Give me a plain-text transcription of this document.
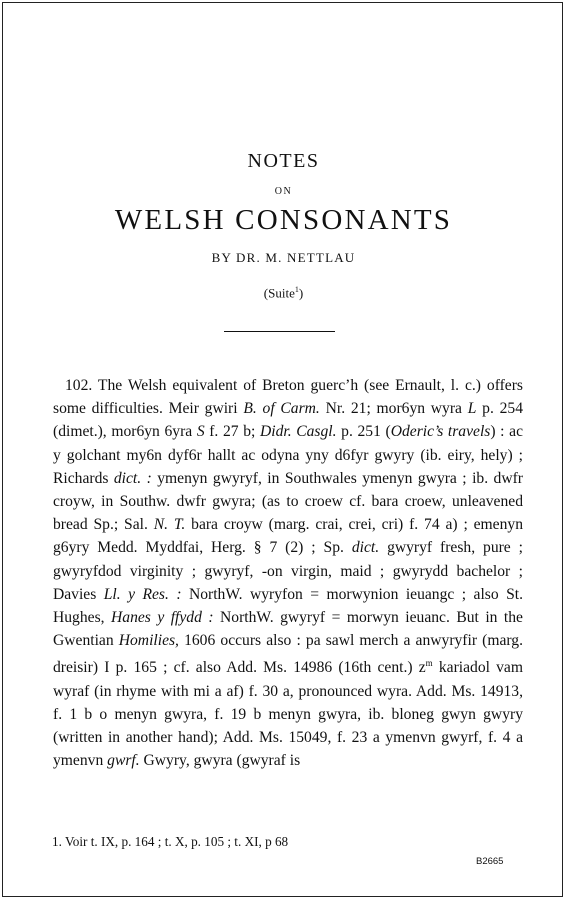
NOTES
ON
WELSH CONSONANTS
BY DR. M. NETTLAU
(Suite$^1$)
102. The Welsh equivalent of Breton guerc’h (see Ernault, l. c.) offers some difficulties. Meir gwiri B. of Carm. Nr. 21; mor6yn wyra L p. 254 (dimet.), mor6yn 6yra S f. 27 b; Didr. Casgl. p. 251 (Oderic’s travels) : ac y golchant my6n dyf6r hallt ac odyna yny d6fyr gwyry (ib. eiry, hely) ; Richards dict. : ymenyn gwyryf, in Southwales ymenyn gwyra ; ib. dwfr croyw, in Southw. dwfr gwyra; (as to croew cf. bara croew, unleavened bread Sp.; Sal. N. T. bara croyw (marg. crai, crei, cri) f. 74 a) ; emenyn g6yry Medd. Myddfai, Herg. § 7 (2) ; Sp. dict. gwyryf fresh, pure ; gwyryfdod virginity ; gwyryf, -on virgin, maid ; gwyrydd bachelor ; Davies Ll. y Res. : NorthW. wyryfon = morwynion ieuangc ; also St. Hughes, Hanes y ffydd : NorthW. gwyryf = morwyn ieuanc. But in the Gwentian Homilies, 1606 occurs also : pa sawl merch a anwyryfir (marg. dreisir) I p. 165 ; cf. also Add. Ms. 14986 (16th cent.) $z^m$ kariadol vam wyraf (in rhyme with mi a af) f. 30 a, pronounced wyra. Add. Ms. 14913, f. 1 b o menyn gwyra, f. 19 b menyn gwyra, ib. bloneg gwyn gwyry (written in another hand); Add. Ms. 15049, f. 23 a ymenvn gwyrf, f. 4 a ymenvn gwrf. Gwyry, gwyra (gwyraf is
1. Voir t. IX, p. 164 ; t. X, p. 105 ; t. XI, p 68
B2665
